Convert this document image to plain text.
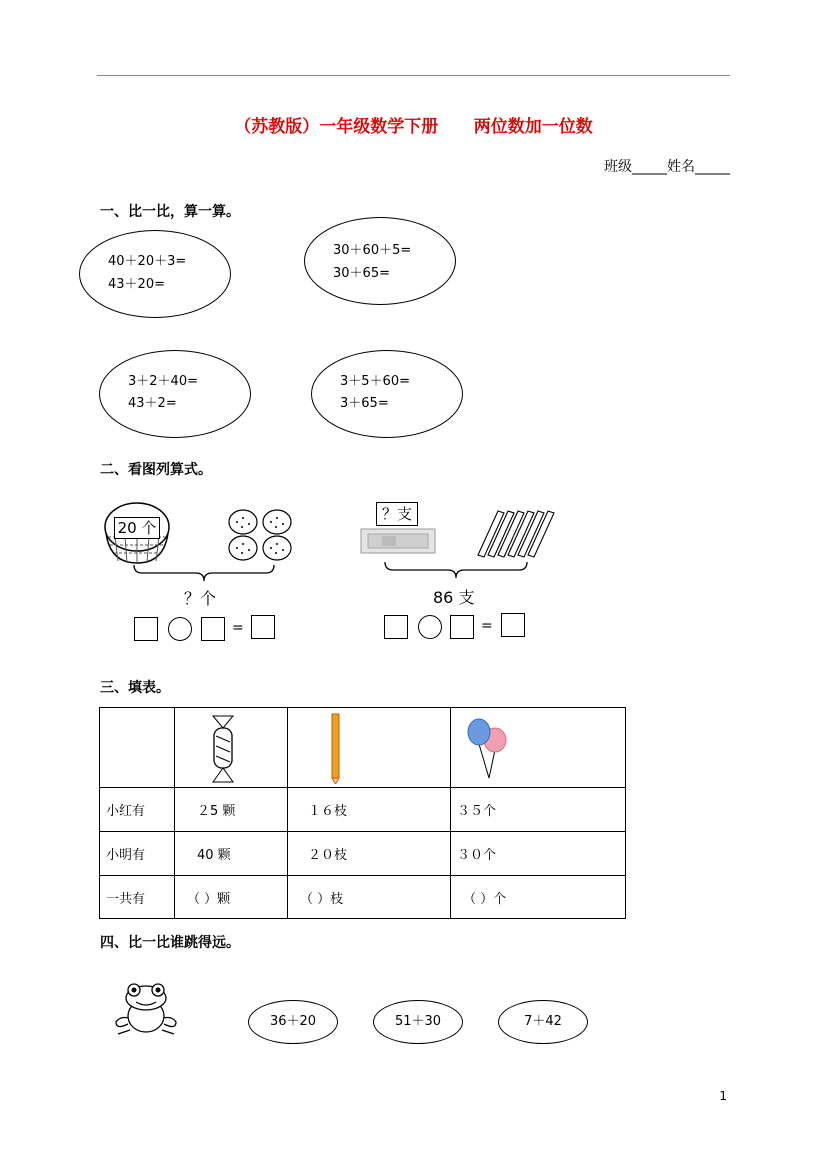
（苏教版）一年级数学下册      两位数加一位数
班级_____姓名_____
一、比一比，算一算。
40＋20＋3=
43＋20=
30＋60＋5=
30＋65=
3＋2＋40=
43＋2=
3＋5＋60=
3＋65=
二、看图列算式。
20 个
？个
=
？支
86 支
=
三、填表。

小红有	２5 颗	１６枝	３５个
小明有	40 颗	２０枝	３０个
一共有	（ ）颗	（ ）枝	（ ）个
四、比一比谁跳得远。
36＋20	51＋30	7＋42
1
